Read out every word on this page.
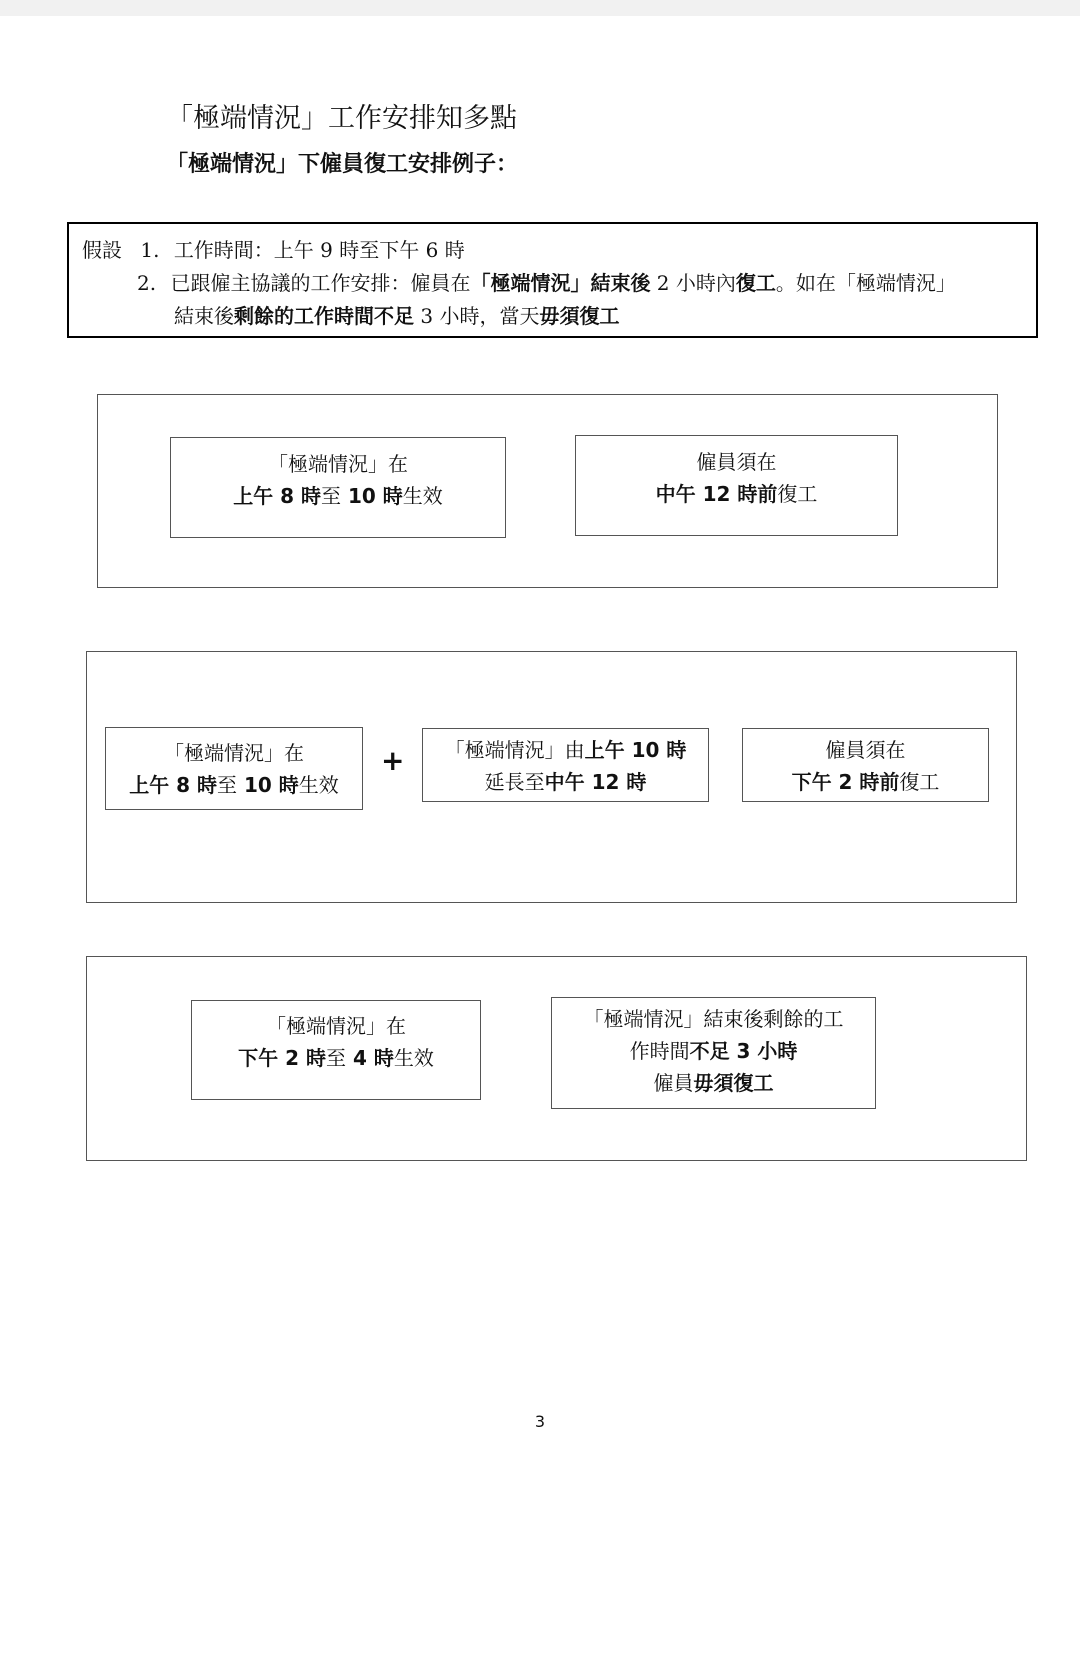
「極端情況」工作安排知多點
「極端情況」下僱員復工安排例子：
假設 1. 工作時間：上午 9 時至下午 6 時
2. 已跟僱主協議的工作安排：僱員在「極端情況」結束後 2 小時內復工。如在「極端情況」
結束後剩餘的工作時間不足 3 小時，當天毋須復工
「極端情況」在
上午 8 時至 10 時生效
僱員須在
中午 12 時前復工
「極端情況」在
上午 8 時至 10 時生效
+	「極端情況」由上午 10 時
延長至中午 12 時
僱員須在
下午 2 時前復工
「極端情況」在
下午 2 時至 4 時生效
「極端情況」結束後剩餘的工
作時間不足 3 小時
僱員毋須復工
3
